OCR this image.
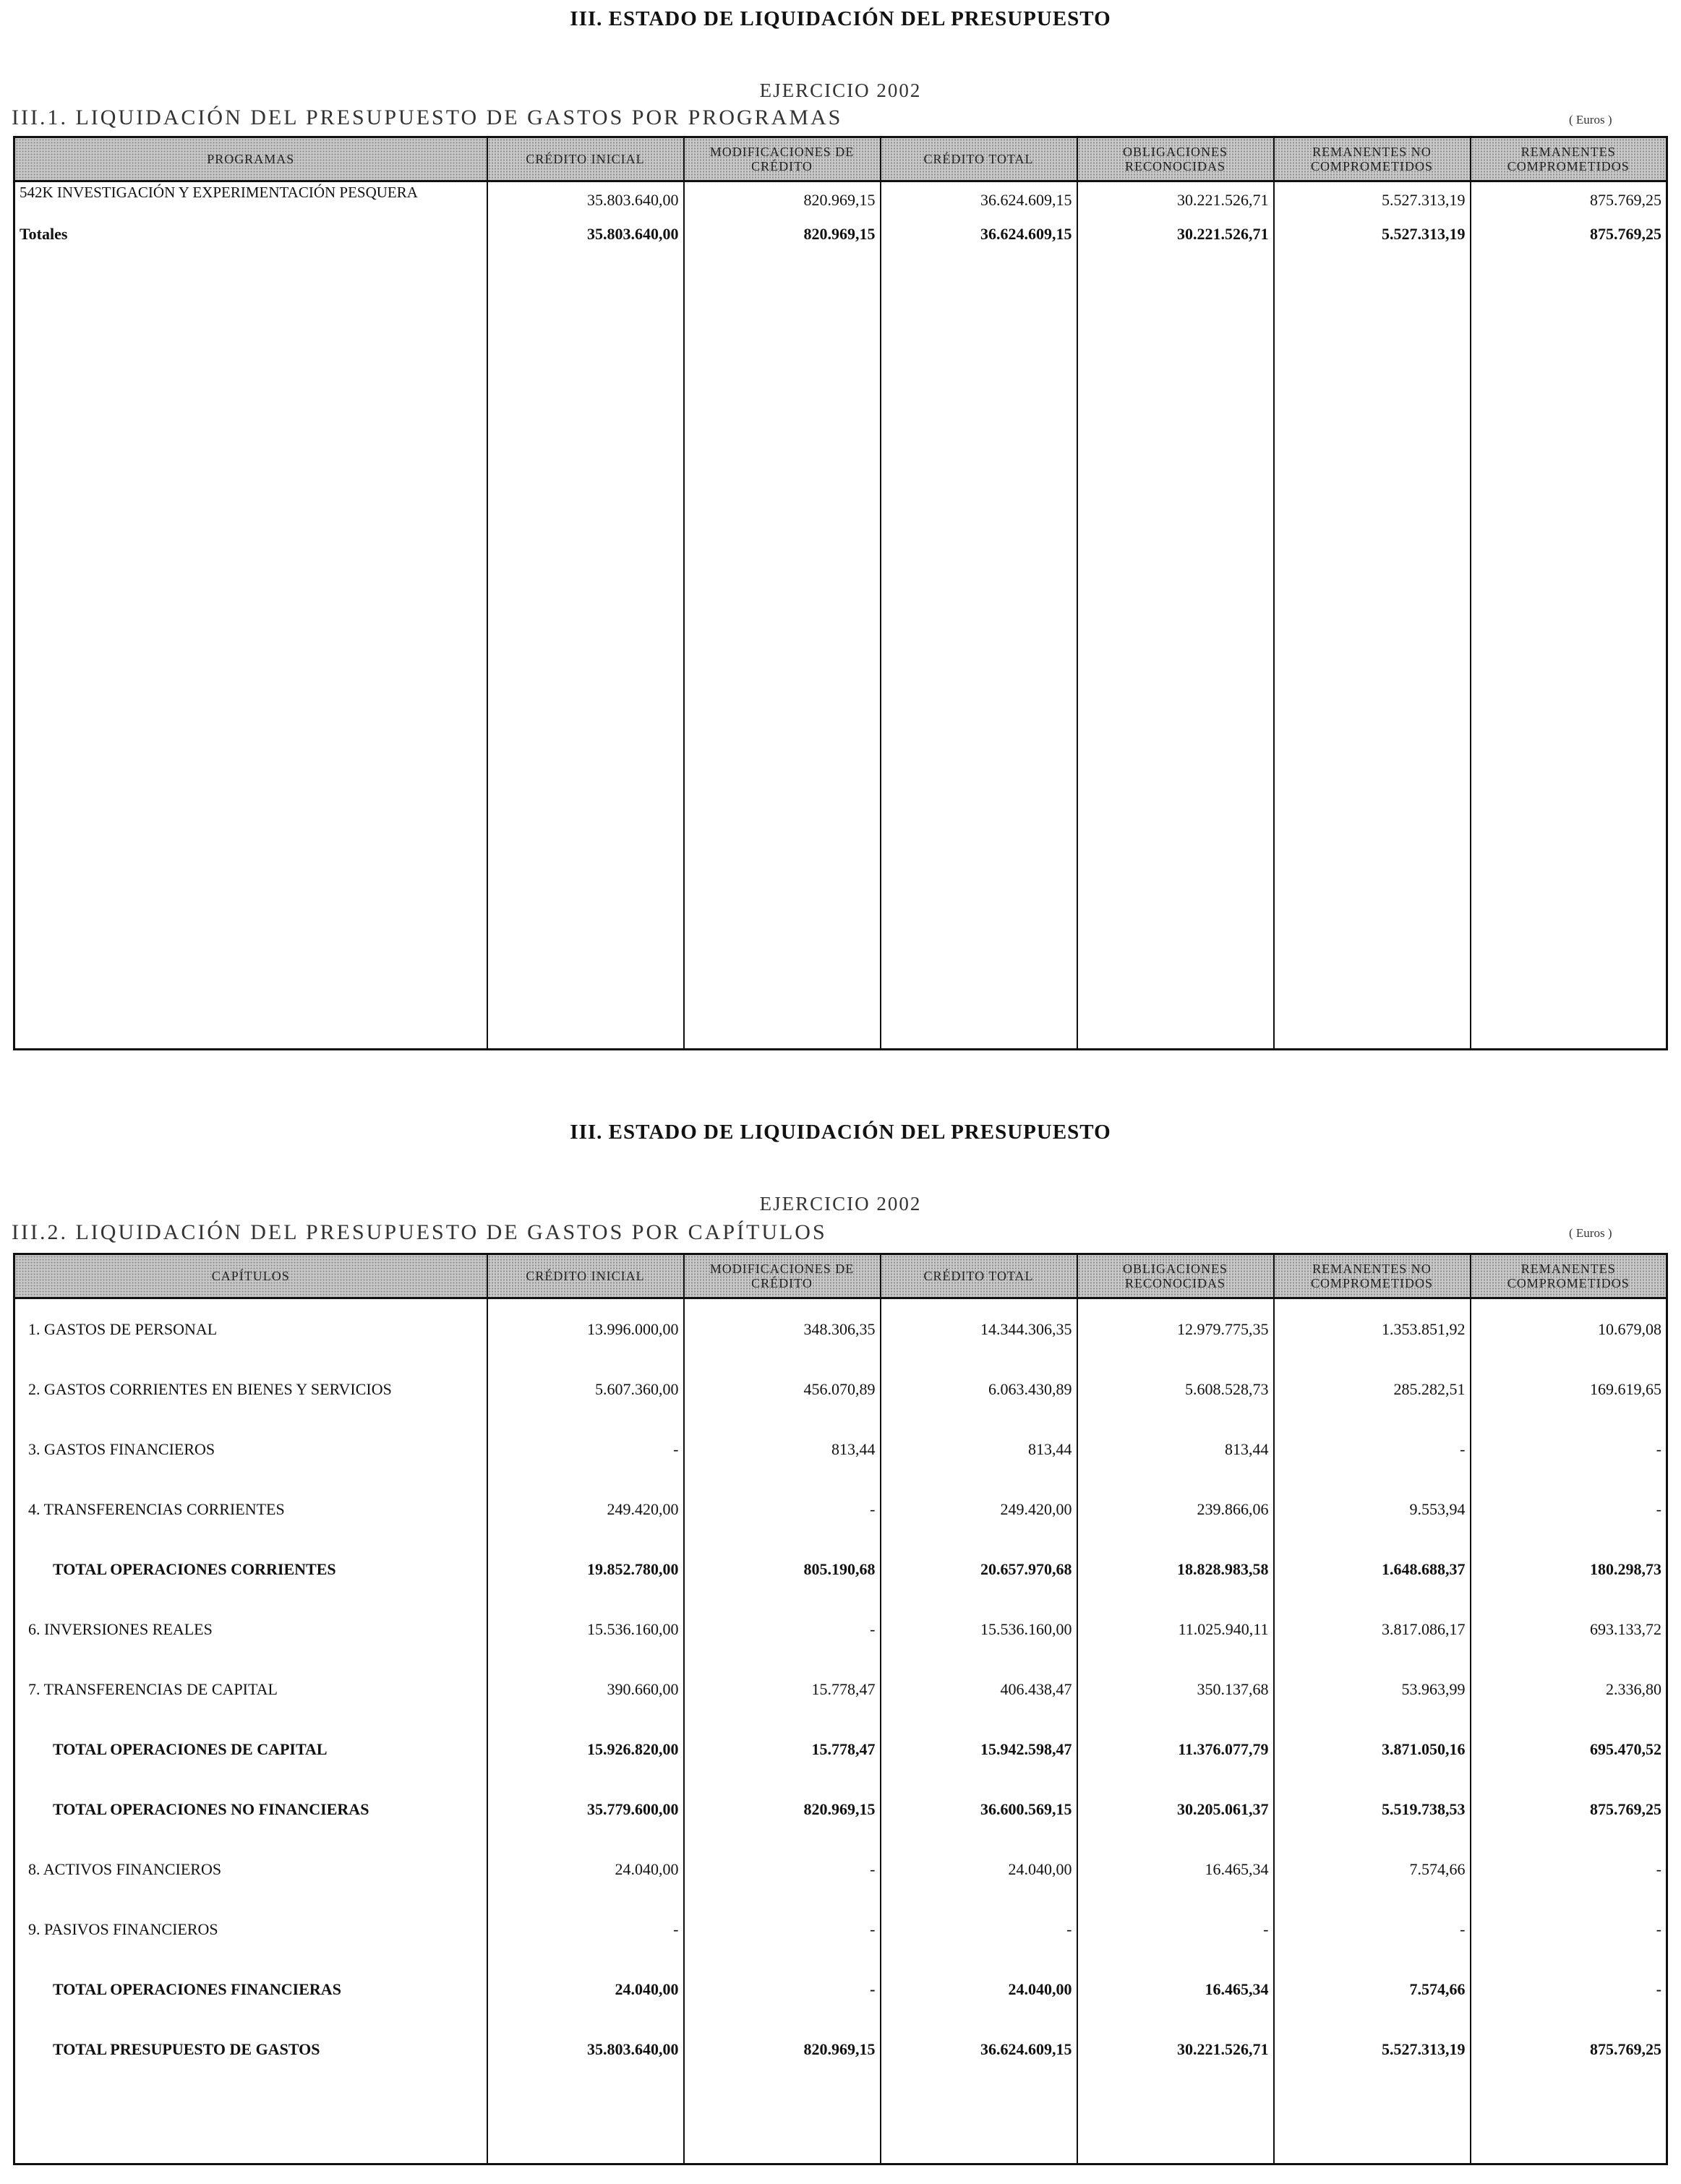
III. ESTADO DE LIQUIDACIÓN DEL PRESUPUESTO
EJERCICIO 2002
III.1. LIQUIDACIÓN DEL PRESUPUESTO DE GASTOS POR PROGRAMAS	( Euros )
PROGRAMAS	CRÉDITO INICIAL	MODIFICACIONES DE CRÉDITO	CRÉDITO TOTAL	OBLIGACIONES RECONOCIDAS	REMANENTES NO COMPROMETIDOS	REMANENTES COMPROMETIDOS
542K INVESTIGACIÓN Y EXPERIMENTACIÓN PESQUERA	35.803.640,00	820.969,15	36.624.609,15	30.221.526,71	5.527.313,19	875.769,25
Totales	35.803.640,00	820.969,15	36.624.609,15	30.221.526,71	5.527.313,19	875.769,25

III. ESTADO DE LIQUIDACIÓN DEL PRESUPUESTO
EJERCICIO 2002
III.2. LIQUIDACIÓN DEL PRESUPUESTO DE GASTOS POR CAPÍTULOS	( Euros )
CAPÍTULOS	CRÉDITO INICIAL	MODIFICACIONES DE CRÉDITO	CRÉDITO TOTAL	OBLIGACIONES RECONOCIDAS	REMANENTES NO COMPROMETIDOS	REMANENTES COMPROMETIDOS
1. GASTOS DE PERSONAL	13.996.000,00	348.306,35	14.344.306,35	12.979.775,35	1.353.851,92	10.679,08
2. GASTOS CORRIENTES EN BIENES Y SERVICIOS	5.607.360,00	456.070,89	6.063.430,89	5.608.528,73	285.282,51	169.619,65
3. GASTOS FINANCIEROS	-	813,44	813,44	813,44	-	-
4. TRANSFERENCIAS CORRIENTES	249.420,00	-	249.420,00	239.866,06	9.553,94	-
TOTAL OPERACIONES CORRIENTES	19.852.780,00	805.190,68	20.657.970,68	18.828.983,58	1.648.688,37	180.298,73
6. INVERSIONES REALES	15.536.160,00	-	15.536.160,00	11.025.940,11	3.817.086,17	693.133,72
7. TRANSFERENCIAS DE CAPITAL	390.660,00	15.778,47	406.438,47	350.137,68	53.963,99	2.336,80
TOTAL OPERACIONES DE CAPITAL	15.926.820,00	15.778,47	15.942.598,47	11.376.077,79	3.871.050,16	695.470,52
TOTAL OPERACIONES NO FINANCIERAS	35.779.600,00	820.969,15	36.600.569,15	30.205.061,37	5.519.738,53	875.769,25
8. ACTIVOS FINANCIEROS	24.040,00	-	24.040,00	16.465,34	7.574,66	-
9. PASIVOS FINANCIEROS	-	-	-	-	-	-
TOTAL OPERACIONES FINANCIERAS	24.040,00	-	24.040,00	16.465,34	7.574,66	-
TOTAL PRESUPUESTO DE GASTOS	35.803.640,00	820.969,15	36.624.609,15	30.221.526,71	5.527.313,19	875.769,25
